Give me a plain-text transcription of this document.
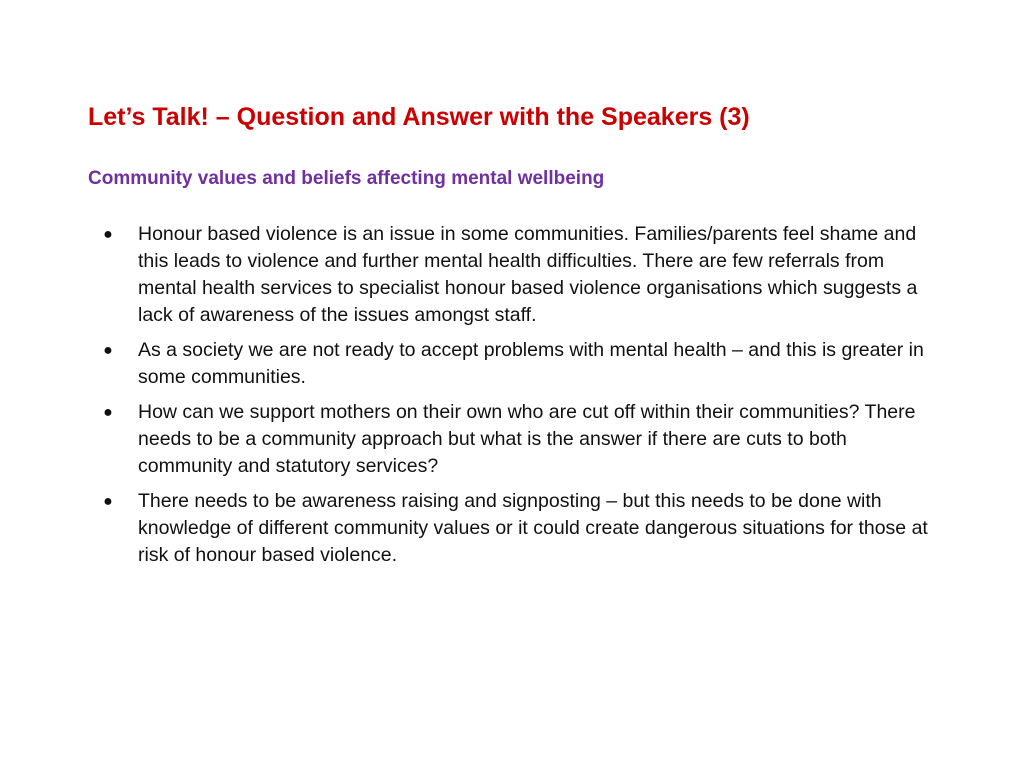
Let’s Talk! – Question and Answer with the Speakers (3)
Community values and beliefs affecting mental wellbeing
● Honour based violence is an issue in some communities. Families/parents feel shame and this leads to violence and further mental health difficulties. There are few referrals from mental health services to specialist honour based violence organisations which suggests a lack of awareness of the issues amongst staff.
● As a society we are not ready to accept problems with mental health – and this is greater in some communities.
● How can we support mothers on their own who are cut off within their communities? There needs to be a community approach but what is the answer if there are cuts to both community and statutory services?
● There needs to be awareness raising and signposting – but this needs to be done with knowledge of different community values or it could create dangerous situations for those at risk of honour based violence.
